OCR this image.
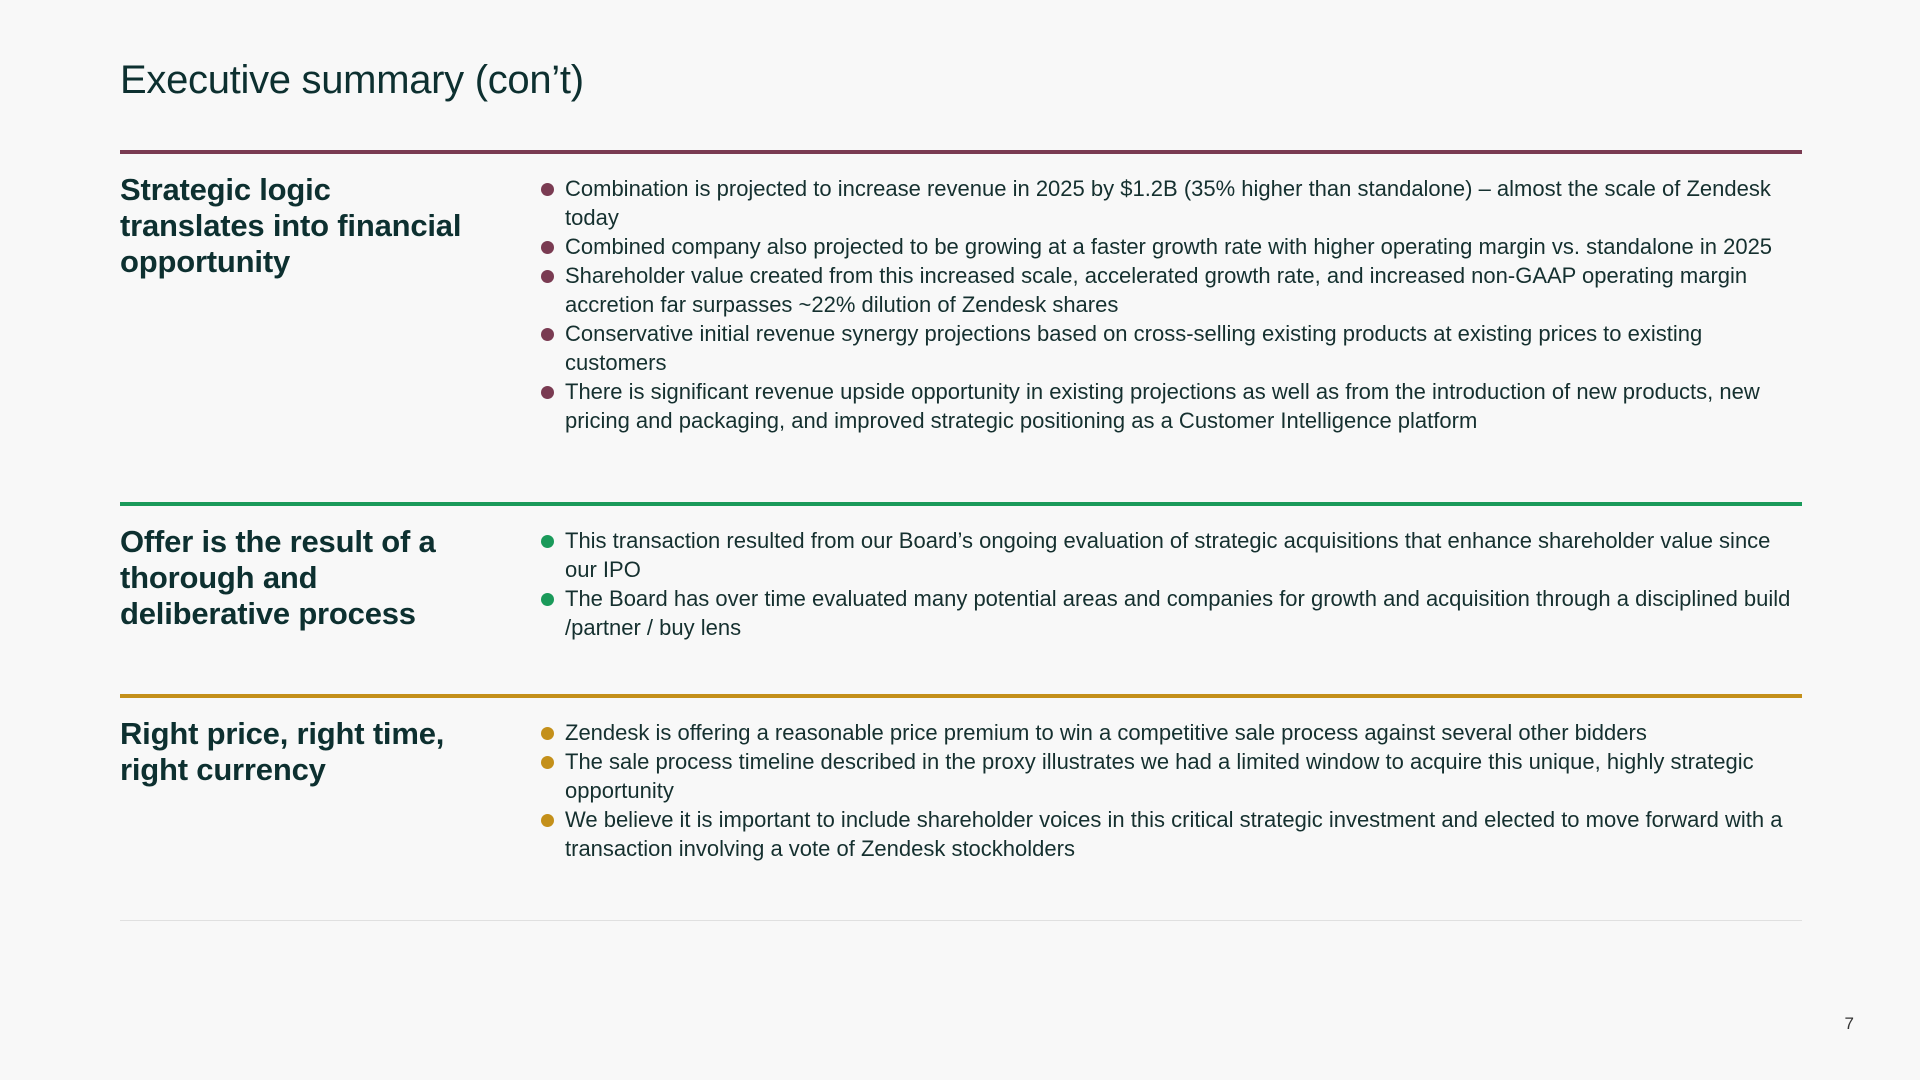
Executive summary (con’t)
Strategic logic translates into financial opportunity
Combination is projected to increase revenue in 2025 by $1.2B (35% higher than standalone) – almost the scale of Zendesk today
Combined company also projected to be growing at a faster growth rate with higher operating margin vs. standalone in 2025
Shareholder value created from this increased scale, accelerated growth rate, and increased non-GAAP operating margin accretion far surpasses ~22% dilution of Zendesk shares
Conservative initial revenue synergy projections based on cross-selling existing products at existing prices to existing customers
There is significant revenue upside opportunity in existing projections as well as from the introduction of new products, new pricing and packaging, and improved strategic positioning as a Customer Intelligence platform
Offer is the result of a thorough and deliberative process
This transaction resulted from our Board’s ongoing evaluation of strategic acquisitions that enhance shareholder value since our IPO
The Board has over time evaluated many potential areas and companies for growth and acquisition through a disciplined build /partner / buy lens
Right price, right time, right currency
Zendesk is offering a reasonable price premium to win a competitive sale process against several other bidders
The sale process timeline described in the proxy illustrates we had a limited window to acquire this unique, highly strategic opportunity
We believe it is important to include shareholder voices in this critical strategic investment and elected to move forward with a transaction involving a vote of Zendesk stockholders
7
